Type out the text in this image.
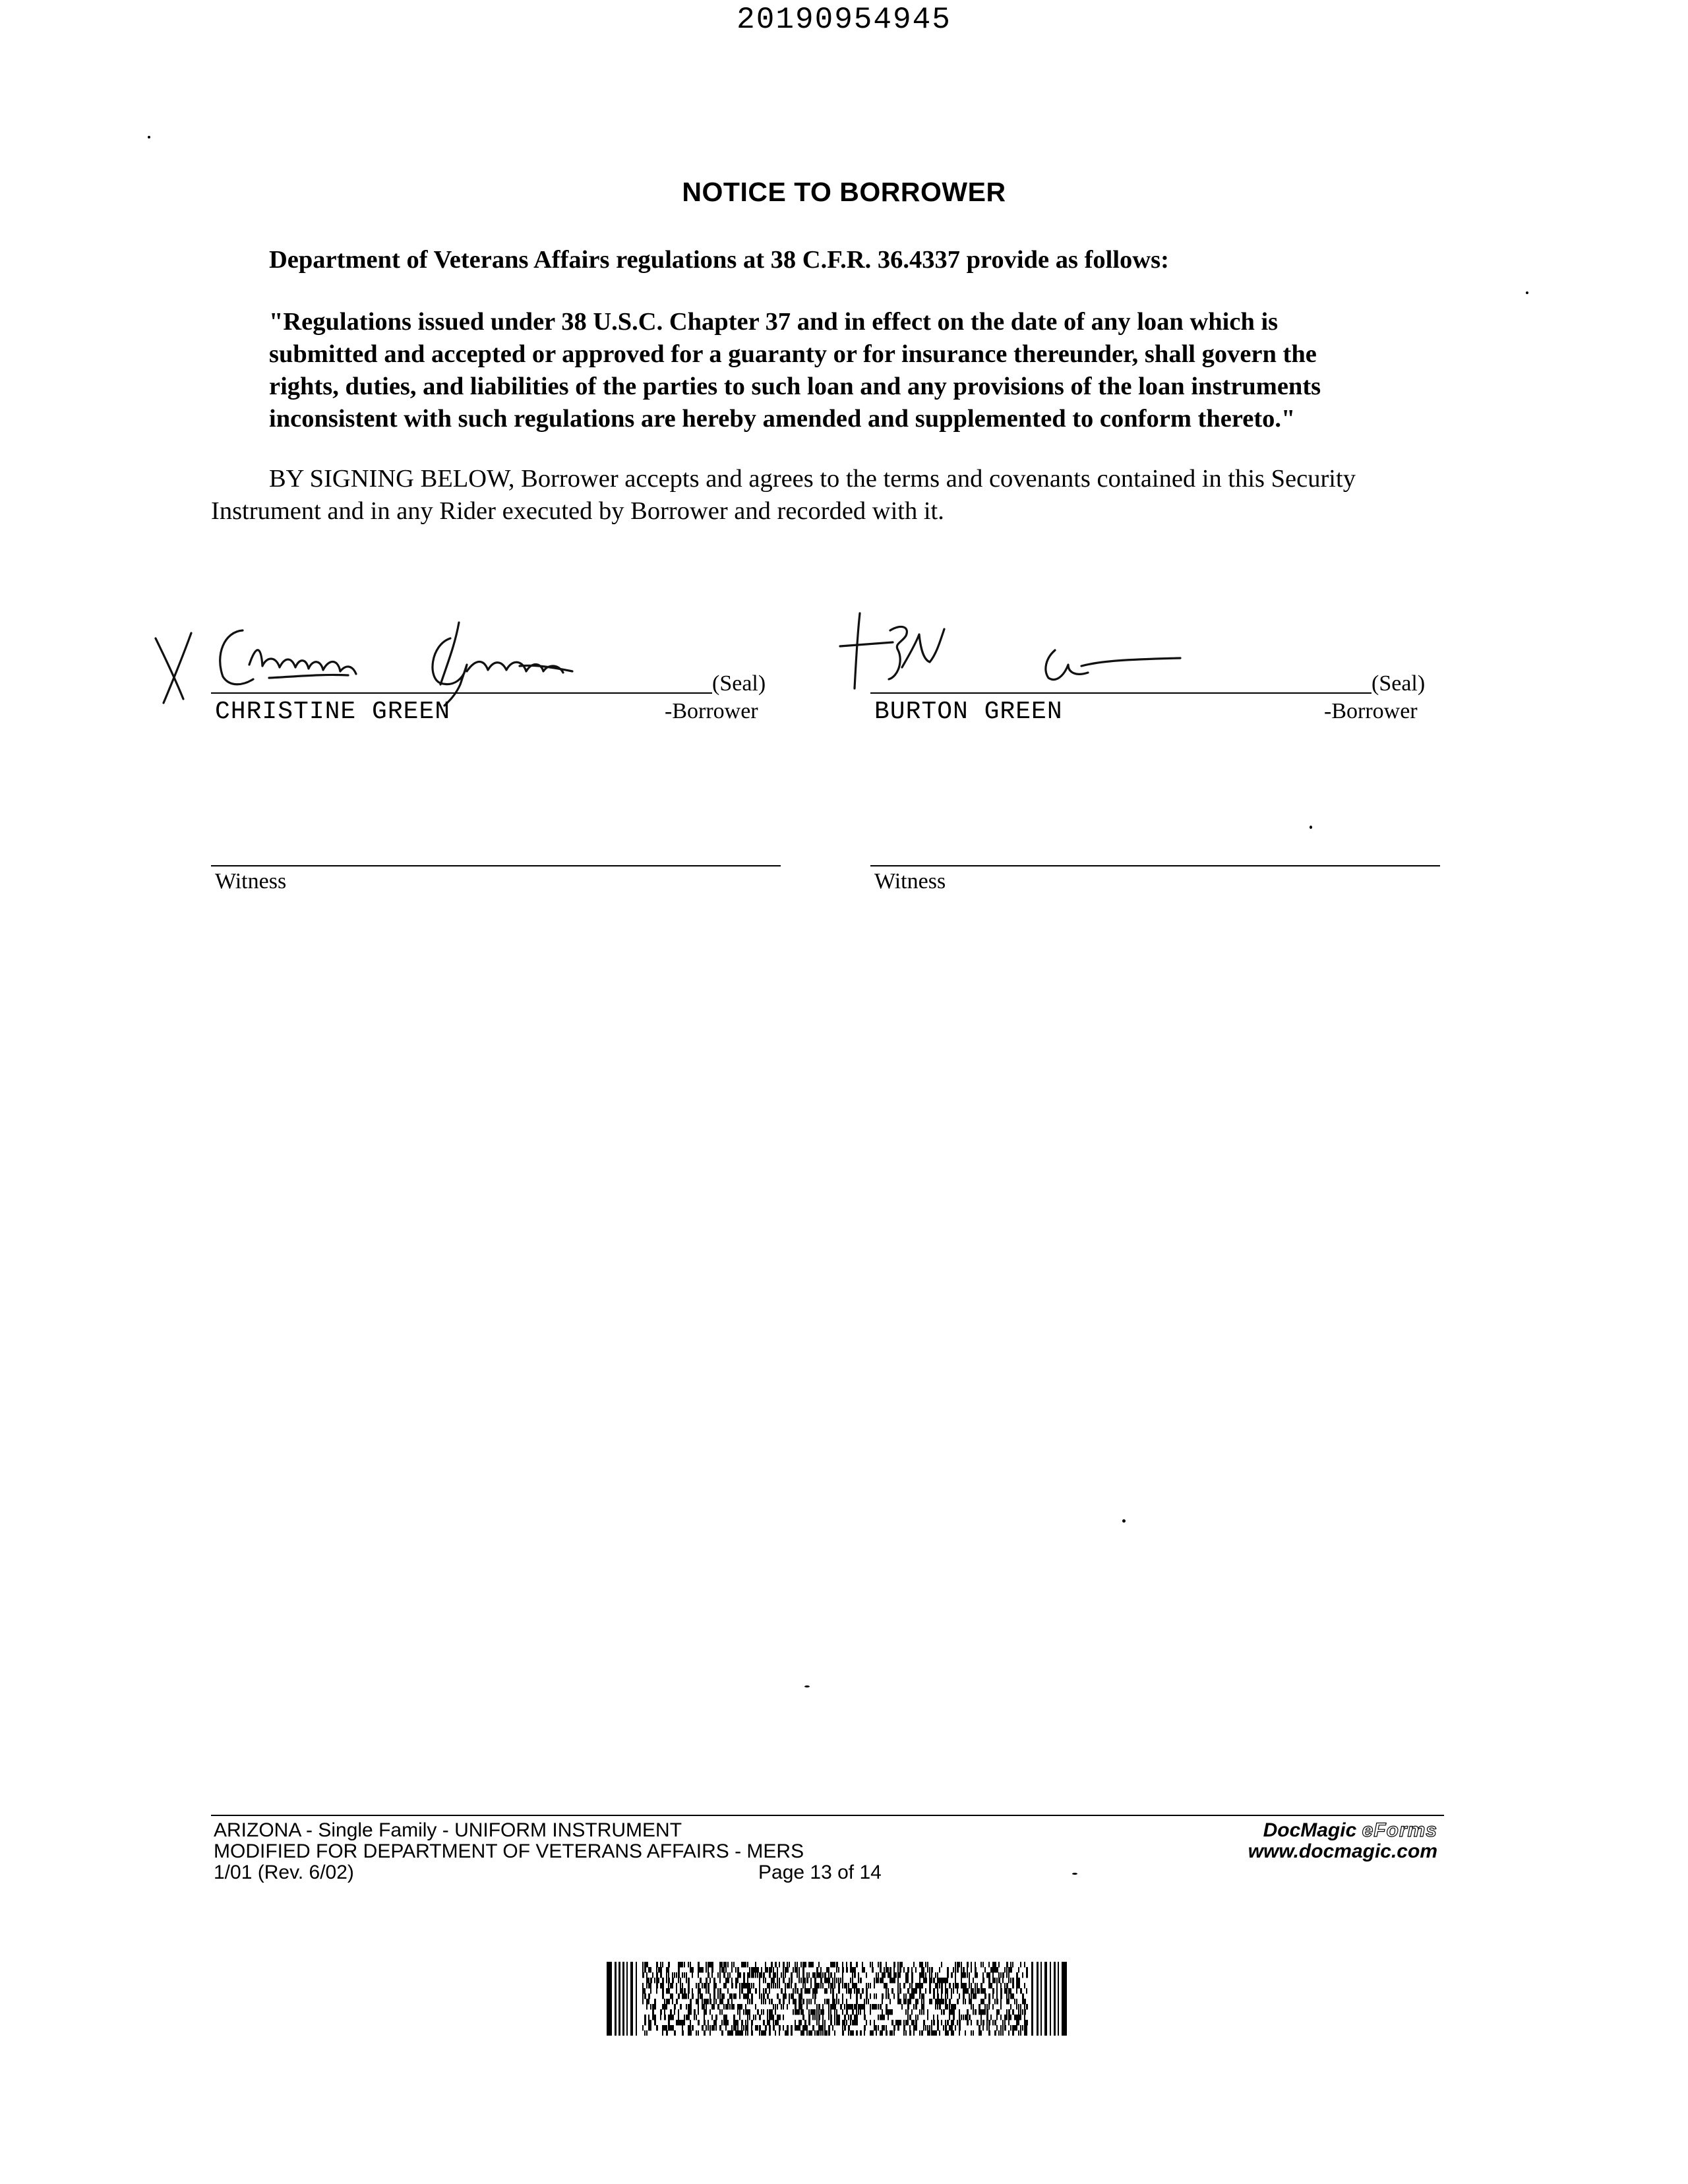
20190954945
NOTICE TO BORROWER
Department of Veterans Affairs regulations at 38 C.F.R. 36.4337 provide as follows:
"Regulations issued under 38 U.S.C. Chapter 37 and in effect on the date of any loan which is
submitted and accepted or approved for a guaranty or for insurance thereunder, shall govern the
rights, duties, and liabilities of the parties to such loan and any provisions of the loan instruments
inconsistent with such regulations are hereby amended and supplemented to conform thereto."
BY SIGNING BELOW, Borrower accepts and agrees to the terms and covenants contained in this Security
Instrument and in any Rider executed by Borrower and recorded with it.
(Seal)
CHRISTINE GREEN	-Borrower
(Seal)
BURTON GREEN	-Borrower
Witness	Witness
ARIZONA - Single Family - UNIFORM INSTRUMENT
MODIFIED FOR DEPARTMENT OF VETERANS AFFAIRS - MERS
1/01 (Rev. 6/02)	Page 13 of 14
DocMagic eForms
www.docmagic.com
